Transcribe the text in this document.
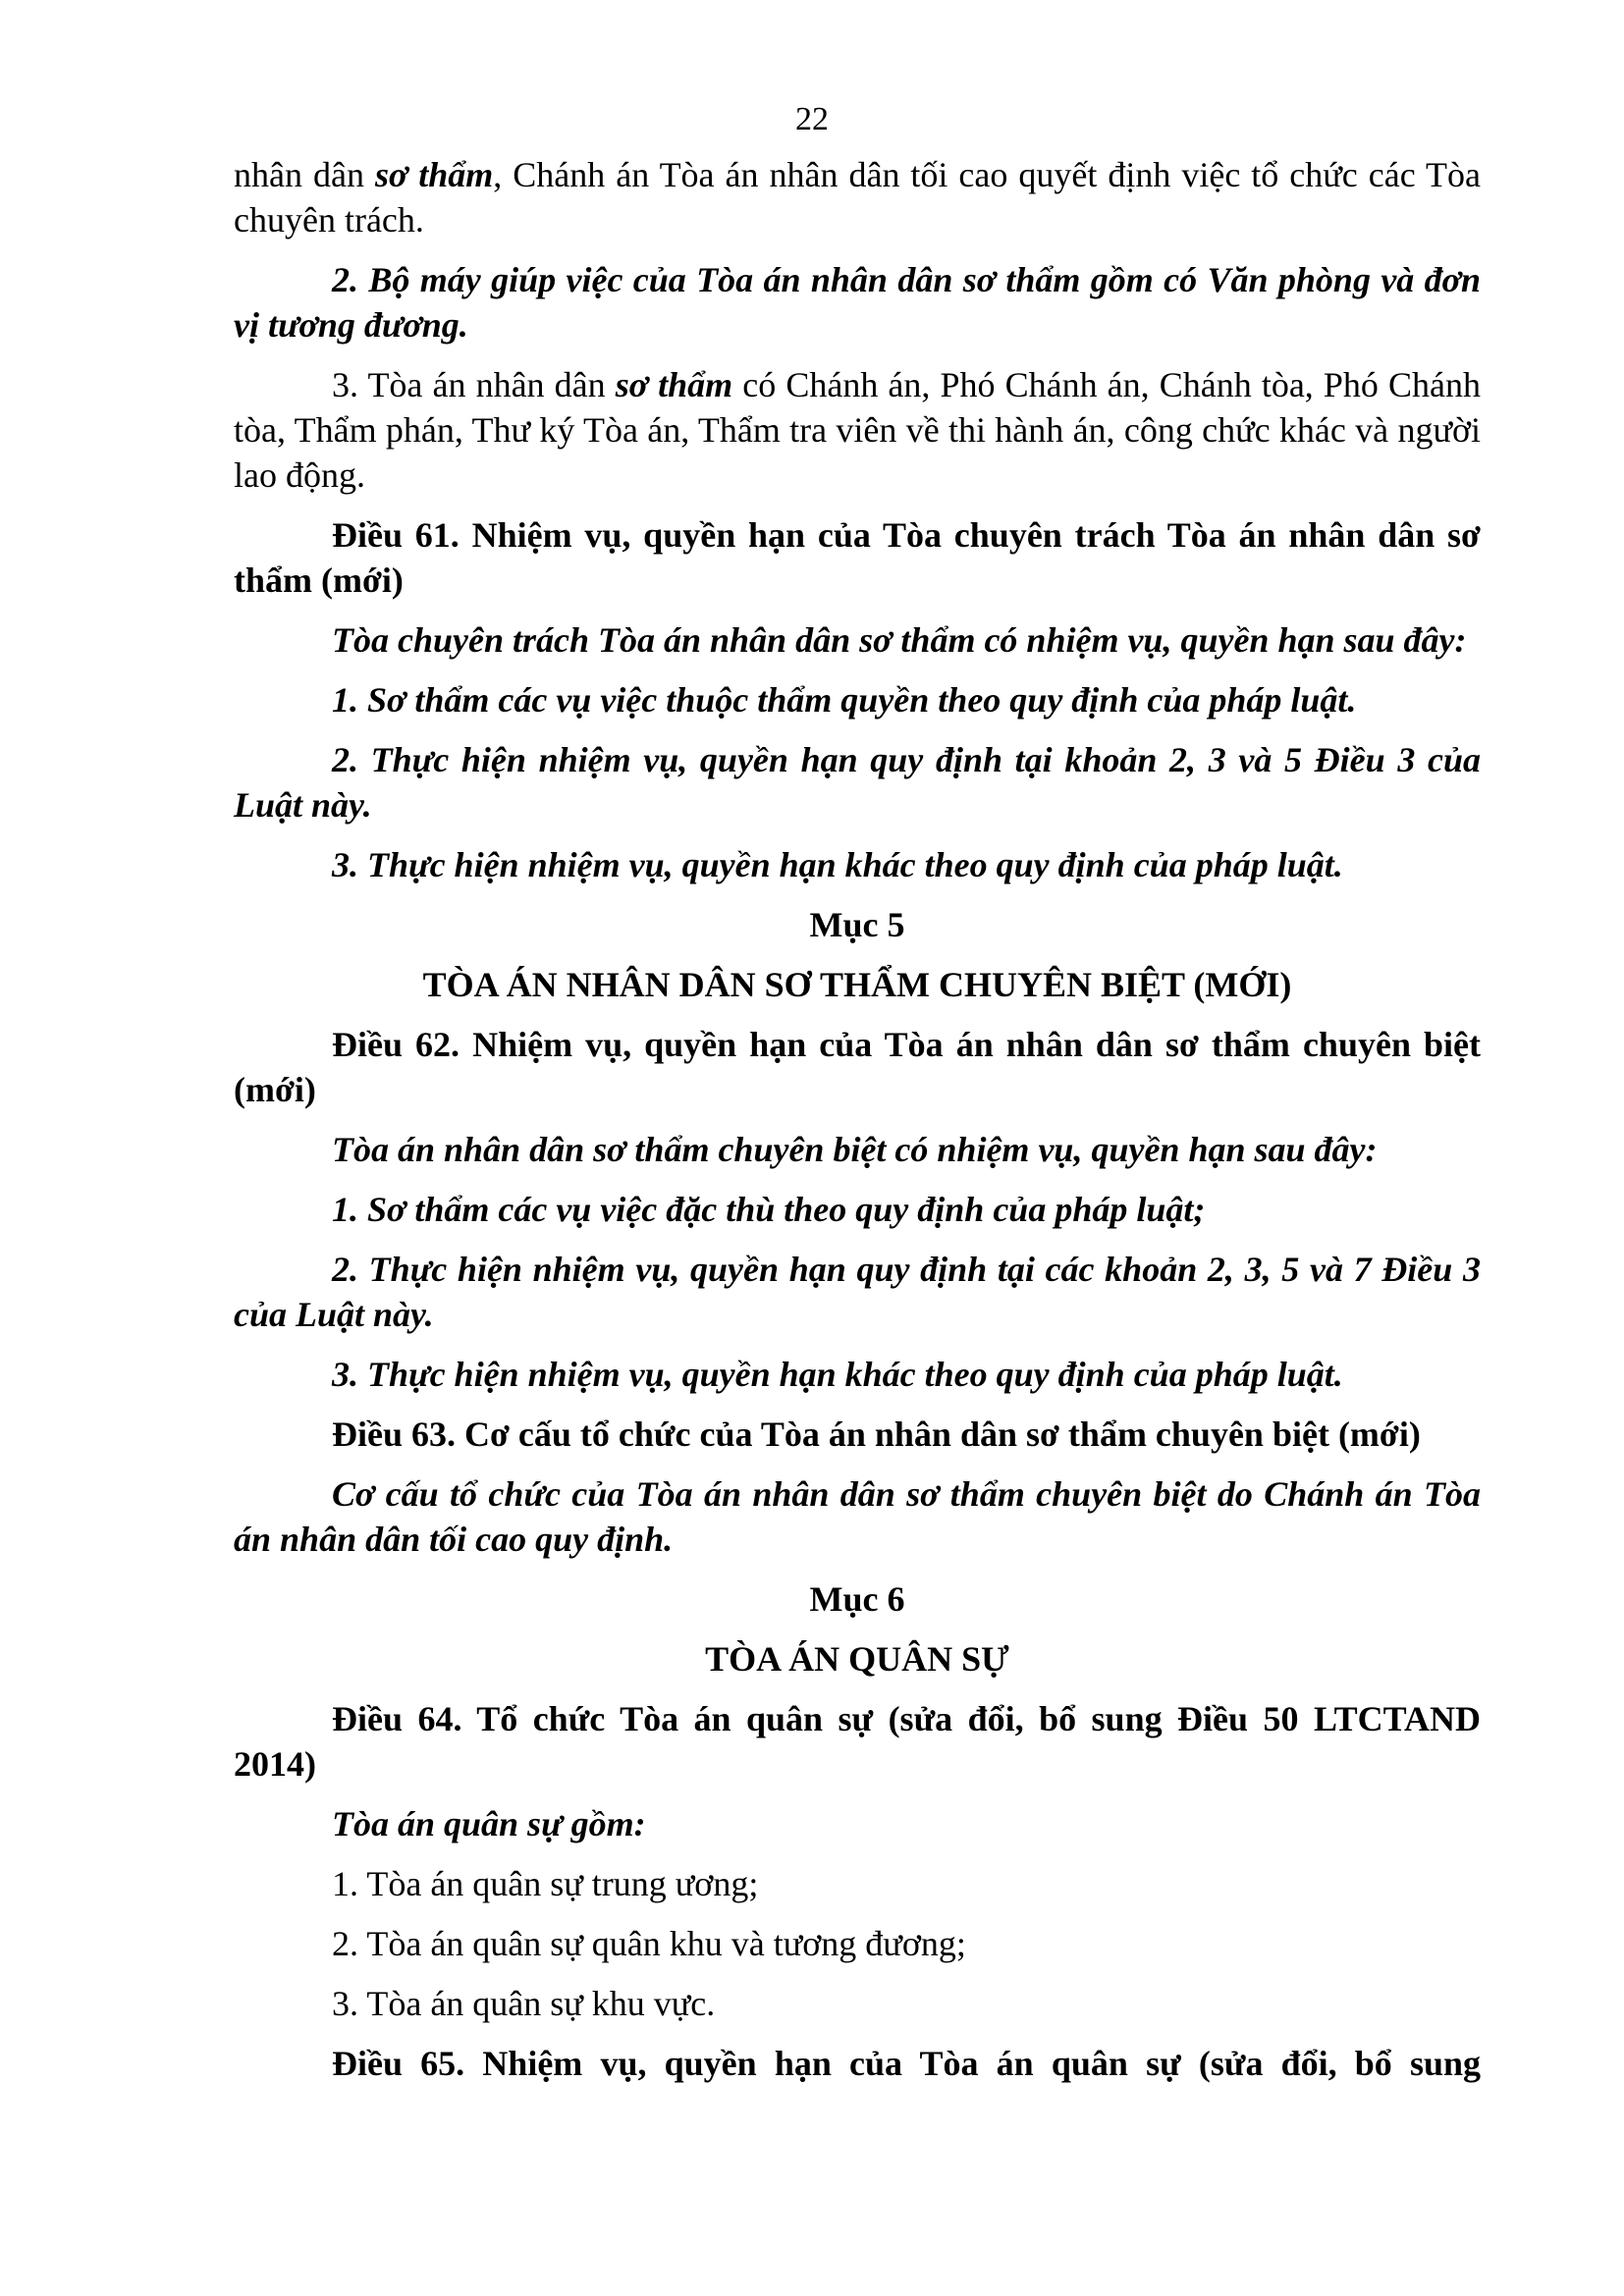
22

nhân dân sơ thẩm, Chánh án Tòa án nhân dân tối cao quyết định việc tổ chức các Tòa chuyên trách.

2. Bộ máy giúp việc của Tòa án nhân dân sơ thẩm gồm có Văn phòng và đơn vị tương đương.

3. Tòa án nhân dân sơ thẩm có Chánh án, Phó Chánh án, Chánh tòa, Phó Chánh tòa, Thẩm phán, Thư ký Tòa án, Thẩm tra viên về thi hành án, công chức khác và người lao động.

Điều 61. Nhiệm vụ, quyền hạn của Tòa chuyên trách Tòa án nhân dân sơ thẩm (mới)

Tòa chuyên trách Tòa án nhân dân sơ thẩm có nhiệm vụ, quyền hạn sau đây:

1. Sơ thẩm các vụ việc thuộc thẩm quyền theo quy định của pháp luật.

2. Thực hiện nhiệm vụ, quyền hạn quy định tại khoản 2, 3 và 5 Điều 3 của Luật này.

3. Thực hiện nhiệm vụ, quyền hạn khác theo quy định của pháp luật.

Mục 5

TÒA ÁN NHÂN DÂN SƠ THẨM CHUYÊN BIỆT (MỚI)

Điều 62. Nhiệm vụ, quyền hạn của Tòa án nhân dân sơ thẩm chuyên biệt (mới)

Tòa án nhân dân sơ thẩm chuyên biệt có nhiệm vụ, quyền hạn sau đây:

1. Sơ thẩm các vụ việc đặc thù theo quy định của pháp luật;

2. Thực hiện nhiệm vụ, quyền hạn quy định tại các khoản 2, 3, 5 và 7 Điều 3 của Luật này.

3. Thực hiện nhiệm vụ, quyền hạn khác theo quy định của pháp luật.

Điều 63. Cơ cấu tổ chức của Tòa án nhân dân sơ thẩm chuyên biệt (mới)

Cơ cấu tổ chức của Tòa án nhân dân sơ thẩm chuyên biệt do Chánh án Tòa án nhân dân tối cao quy định.

Mục 6

TÒA ÁN QUÂN SỰ

Điều 64. Tổ chức Tòa án quân sự (sửa đổi, bổ sung Điều 50 LTCTAND 2014)

Tòa án quân sự gồm:

1. Tòa án quân sự trung ương;

2. Tòa án quân sự quân khu và tương đương;

3. Tòa án quân sự khu vực.

Điều 65. Nhiệm vụ, quyền hạn của Tòa án quân sự (sửa đổi, bổ sung
